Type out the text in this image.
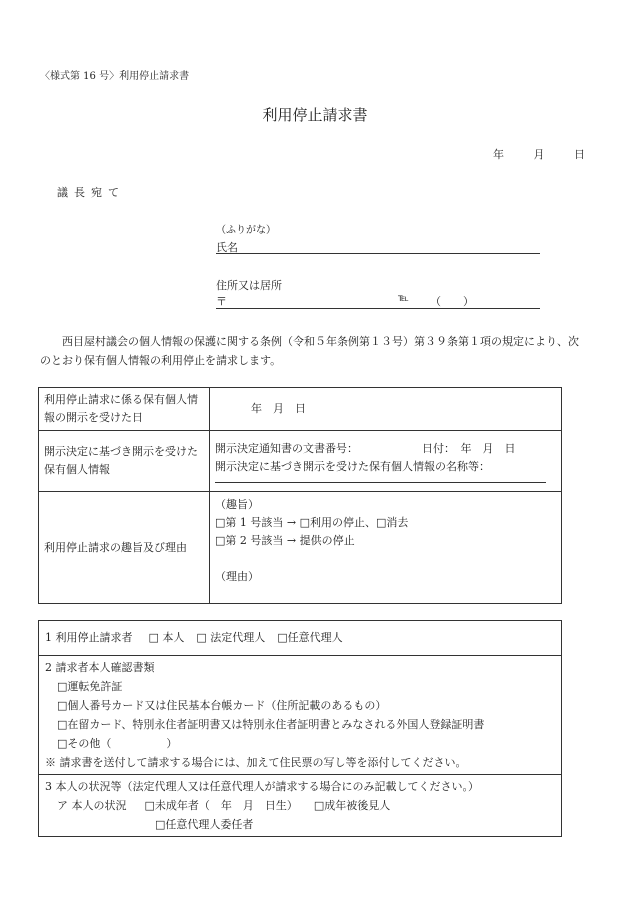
〈様式第 16 号〉利用停止請求書
利用停止請求書
年	月	日
議長宛て
（ふりがな）
氏名
住所又は居所
〒	℡ （　　）
西目屋村議会の個人情報の保護に関する条例（令和５年条例第１３号）第３９条第１項の規定により、次のとおり保有個人情報の利用停止を請求します。
利用停止請求に係る保有個人情報の開示を受けた日	年　月　日
開示決定に基づき開示を受けた保有個人情報	開示決定通知書の文書番号： 日付：　年　月　日
開示決定に基づき開示を受けた保有個人情報の名称等：

利用停止請求の趣旨及び理由	（趣旨）
□第 1 号該当 → □利用の停止、□消去
□第 2 号該当 → 提供の停止
（理由）
1 利用停止請求者 □ 本人 □ 法定代理人 □任意代理人
2 請求者本人確認書類
□運転免許証
□個人番号カード又は住民基本台帳カード（住所記載のあるもの）
□在留カード、特別永住者証明書又は特別永住者証明書とみなされる外国人登録証明書
□その他（　　　　　）
※ 請求書を送付して請求する場合には、加えて住民票の写し等を添付してください。
3 本人の状況等（法定代理人又は任意代理人が請求する場合にのみ記載してください。）
ア 本人の状況 □未成年者（　年　月　日生） □成年被後見人
□任意代理人委任者
